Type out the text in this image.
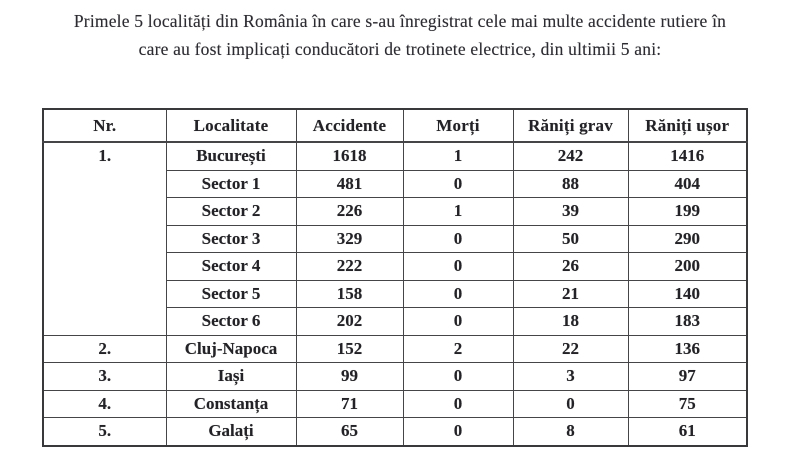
Primele 5 localități din România în care s-au înregistrat cele mai multe accidente rutiere în
care au fost implicați conducători de trotinete electrice, din ultimii 5 ani:
Nr.	Localitate	Accidente	Morți	Răniți grav	Răniți ușor
1.	București	1618	1	242	1416
	Sector 1	481	0	88	404
	Sector 2	226	1	39	199
	Sector 3	329	0	50	290
	Sector 4	222	0	26	200
	Sector 5	158	0	21	140
	Sector 6	202	0	18	183
2.	Cluj-Napoca	152	2	22	136
3.	Iași	99	0	3	97
4.	Constanța	71	0	0	75
5.	Galați	65	0	8	61
